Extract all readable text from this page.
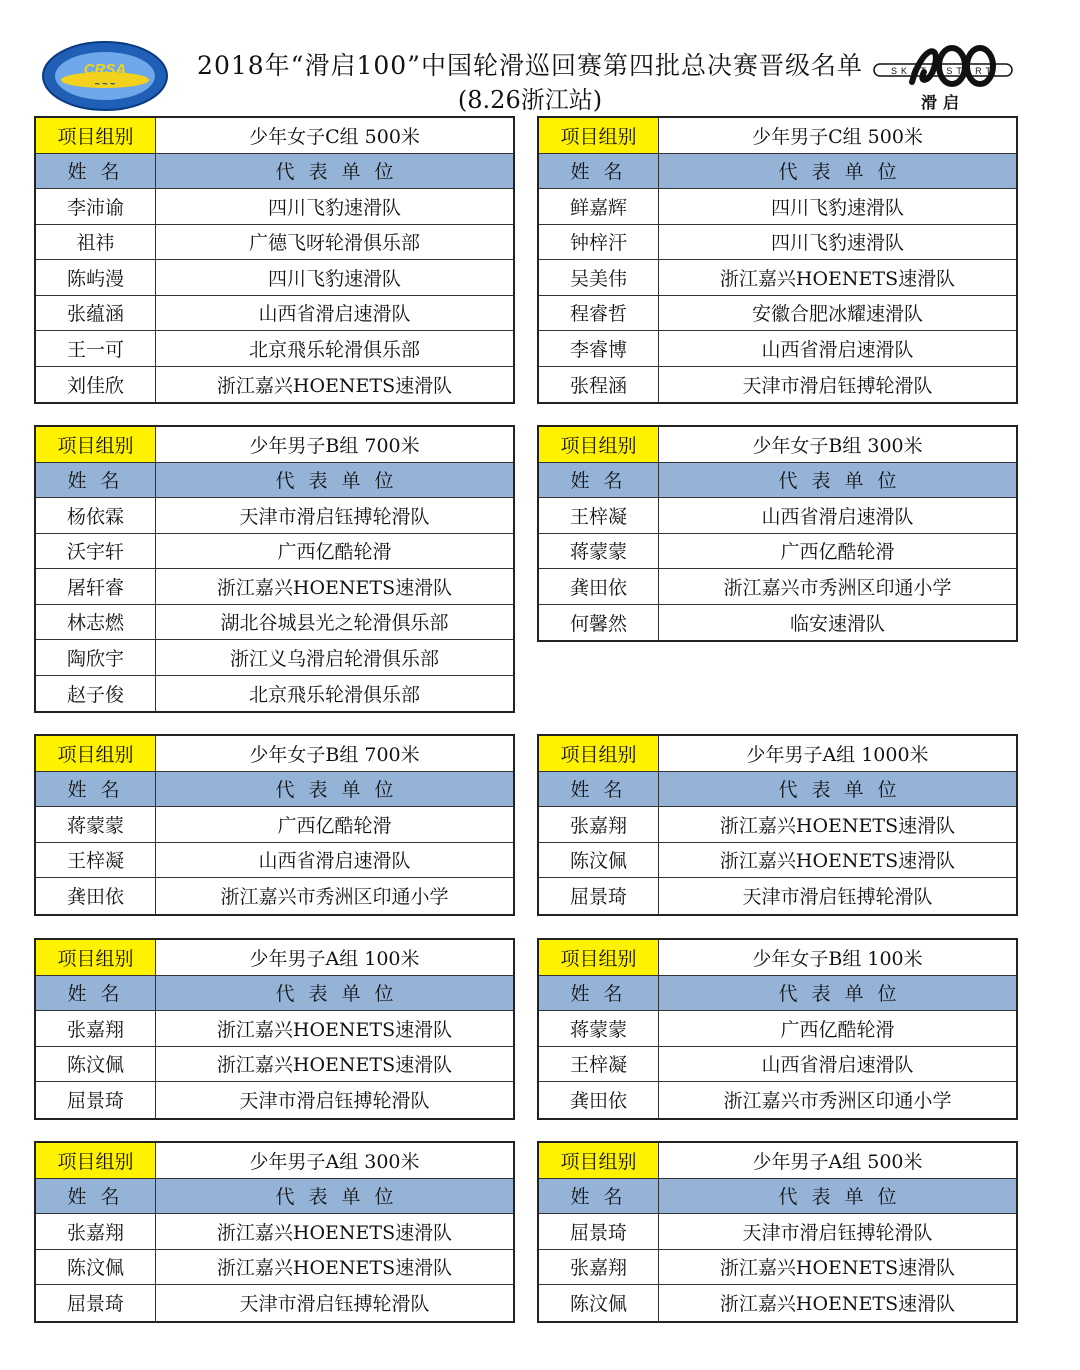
CRSA
~ ~ ~
2018年“滑启100”中国轮滑巡回赛第四批总决赛晋级名单
(8.26浙江站)
SKATE START
滑启
项目组别	少年女子C组 500米
姓名	代表单位
李沛谕	四川飞豹速滑队
祖祎	广德飞呀轮滑俱乐部
陈屿漫	四川飞豹速滑队
张蕴涵	山西省滑启速滑队
王一可	北京飛乐轮滑俱乐部
刘佳欣	浙江嘉兴HOENETS速滑队
项目组别	少年男子C组 500米
姓名	代表单位
鲜嘉辉	四川飞豹速滑队
钟梓汗	四川飞豹速滑队
吴美伟	浙江嘉兴HOENETS速滑队
程睿哲	安徽合肥冰耀速滑队
李睿博	山西省滑启速滑队
张程涵	天津市滑启钰搏轮滑队
项目组别	少年男子B组 700米
姓名	代表单位
杨依霖	天津市滑启钰搏轮滑队
沃宇轩	广西亿酷轮滑
屠轩睿	浙江嘉兴HOENETS速滑队
林志燃	湖北谷城县光之轮滑俱乐部
陶欣宇	浙江义乌滑启轮滑俱乐部
赵子俊	北京飛乐轮滑俱乐部
项目组别	少年女子B组 300米
姓名	代表单位
王梓凝	山西省滑启速滑队
蒋蒙蒙	广西亿酷轮滑
龚田依	浙江嘉兴市秀洲区印通小学
何馨然	临安速滑队
项目组别	少年女子B组 700米
姓名	代表单位
蒋蒙蒙	广西亿酷轮滑
王梓凝	山西省滑启速滑队
龚田依	浙江嘉兴市秀洲区印通小学
项目组别	少年男子A组 1000米
姓名	代表单位
张嘉翔	浙江嘉兴HOENETS速滑队
陈汶佩	浙江嘉兴HOENETS速滑队
屈景琦	天津市滑启钰搏轮滑队
项目组别	少年男子A组 100米
姓名	代表单位
张嘉翔	浙江嘉兴HOENETS速滑队
陈汶佩	浙江嘉兴HOENETS速滑队
屈景琦	天津市滑启钰搏轮滑队
项目组别	少年女子B组 100米
姓名	代表单位
蒋蒙蒙	广西亿酷轮滑
王梓凝	山西省滑启速滑队
龚田依	浙江嘉兴市秀洲区印通小学
项目组别	少年男子A组 300米
姓名	代表单位
张嘉翔	浙江嘉兴HOENETS速滑队
陈汶佩	浙江嘉兴HOENETS速滑队
屈景琦	天津市滑启钰搏轮滑队
项目组别	少年男子A组 500米
姓名	代表单位
屈景琦	天津市滑启钰搏轮滑队
张嘉翔	浙江嘉兴HOENETS速滑队
陈汶佩	浙江嘉兴HOENETS速滑队
